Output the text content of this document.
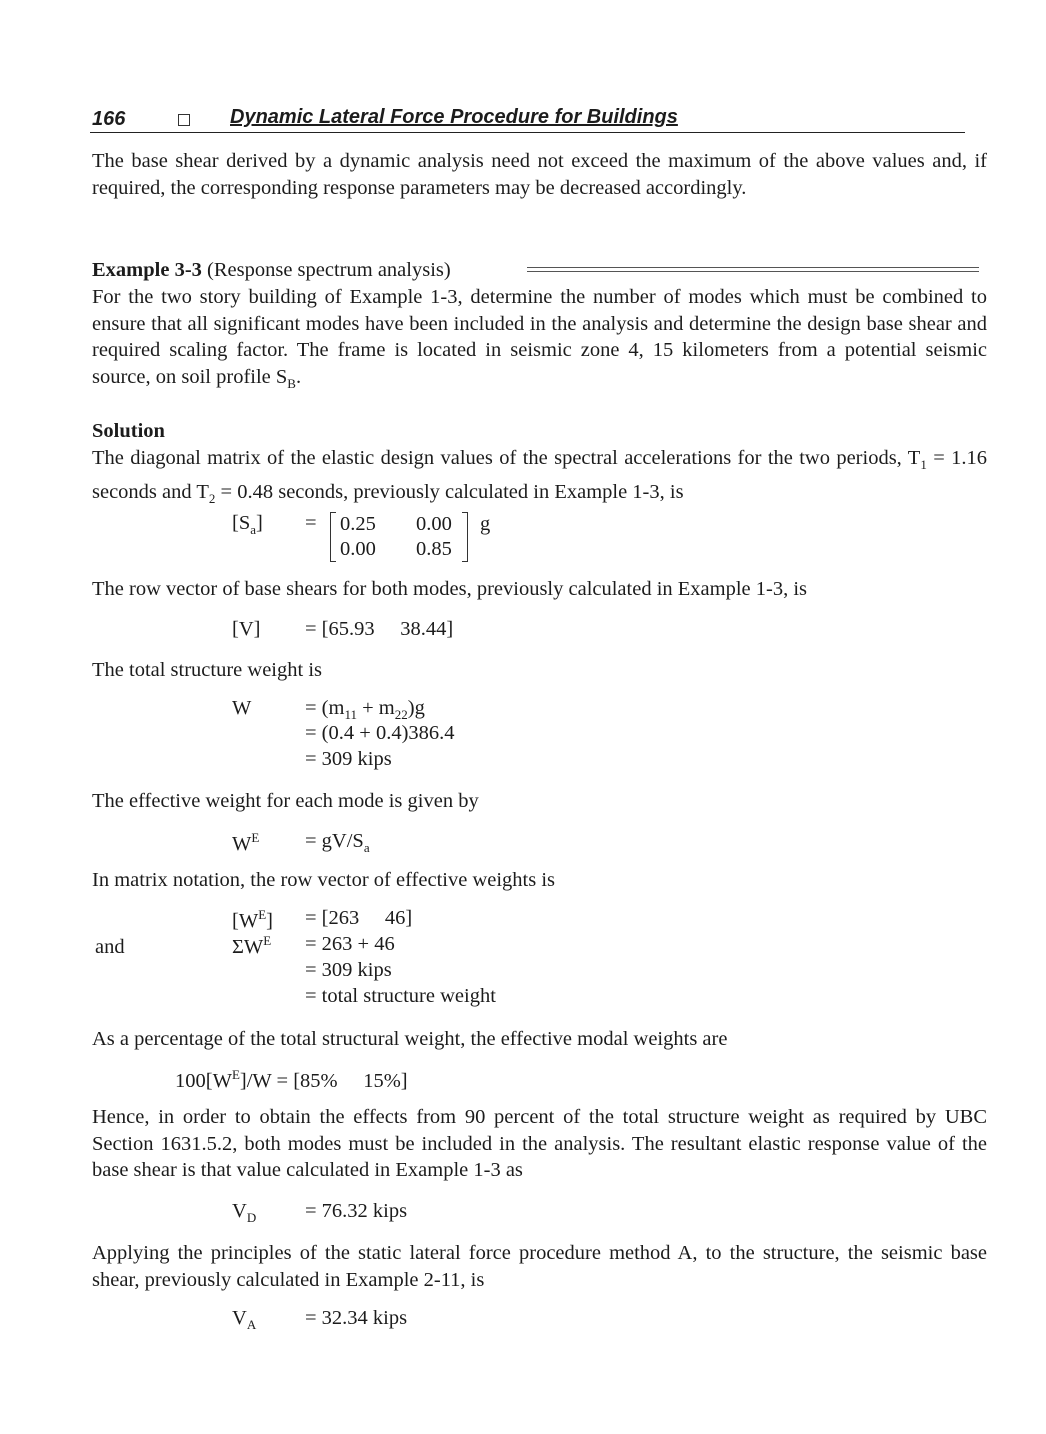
166	Dynamic Lateral Force Procedure for Buildings
The base shear derived by a dynamic analysis need not exceed the maximum of the above values and, if required, the corresponding response parameters may be decreased accordingly.
Example 3-3 (Response spectrum analysis)
For the two story building of Example 1-3, determine the number of modes which must be combined to ensure that all significant modes have been included in the analysis and determine the design base shear and required scaling factor. The frame is located in seismic zone 4, 15 kilometers from a potential seismic source, on soil profile $S_B$.
Solution
The diagonal matrix of the elastic design values of the spectral accelerations for the two periods, $T_1 = 1.16$ seconds and $T_2 = 0.48$ seconds, previously calculated in Example 1-3, is
$[S_a] = 0.25$ 0.00
0.00 0.85
g
The row vector of base shears for both modes, previously calculated in Example 1-3, is
[V] = [65.93     38.44]
The total structure weight is
W	= $(m_{11} + m_{22})g$
= (0.4 + 0.4)386.4
= 309 kips
The effective weight for each mode is given by
$W^E = gV/S_a$
In matrix notation, the row vector of effective weights is
$[W^E] = [263$     46]
and	$\Sigma W^E = 263 + 46$
= 309 kips
= total structure weight
As a percentage of the total structural weight, the effective modal weights are
$100[W^E]/W = [85\%$     15%]
Hence, in order to obtain the effects from 90 percent of the total structure weight as required by UBC Section 1631.5.2, both modes must be included in the analysis. The resultant elastic response value of the base shear is that value calculated in Example 1-3 as
$V_D = 76.32$ kips
Applying the principles of the static lateral force procedure method A, to the structure, the seismic base shear, previously calculated in Example 2-11, is
$V_A = 32.34$ kips
